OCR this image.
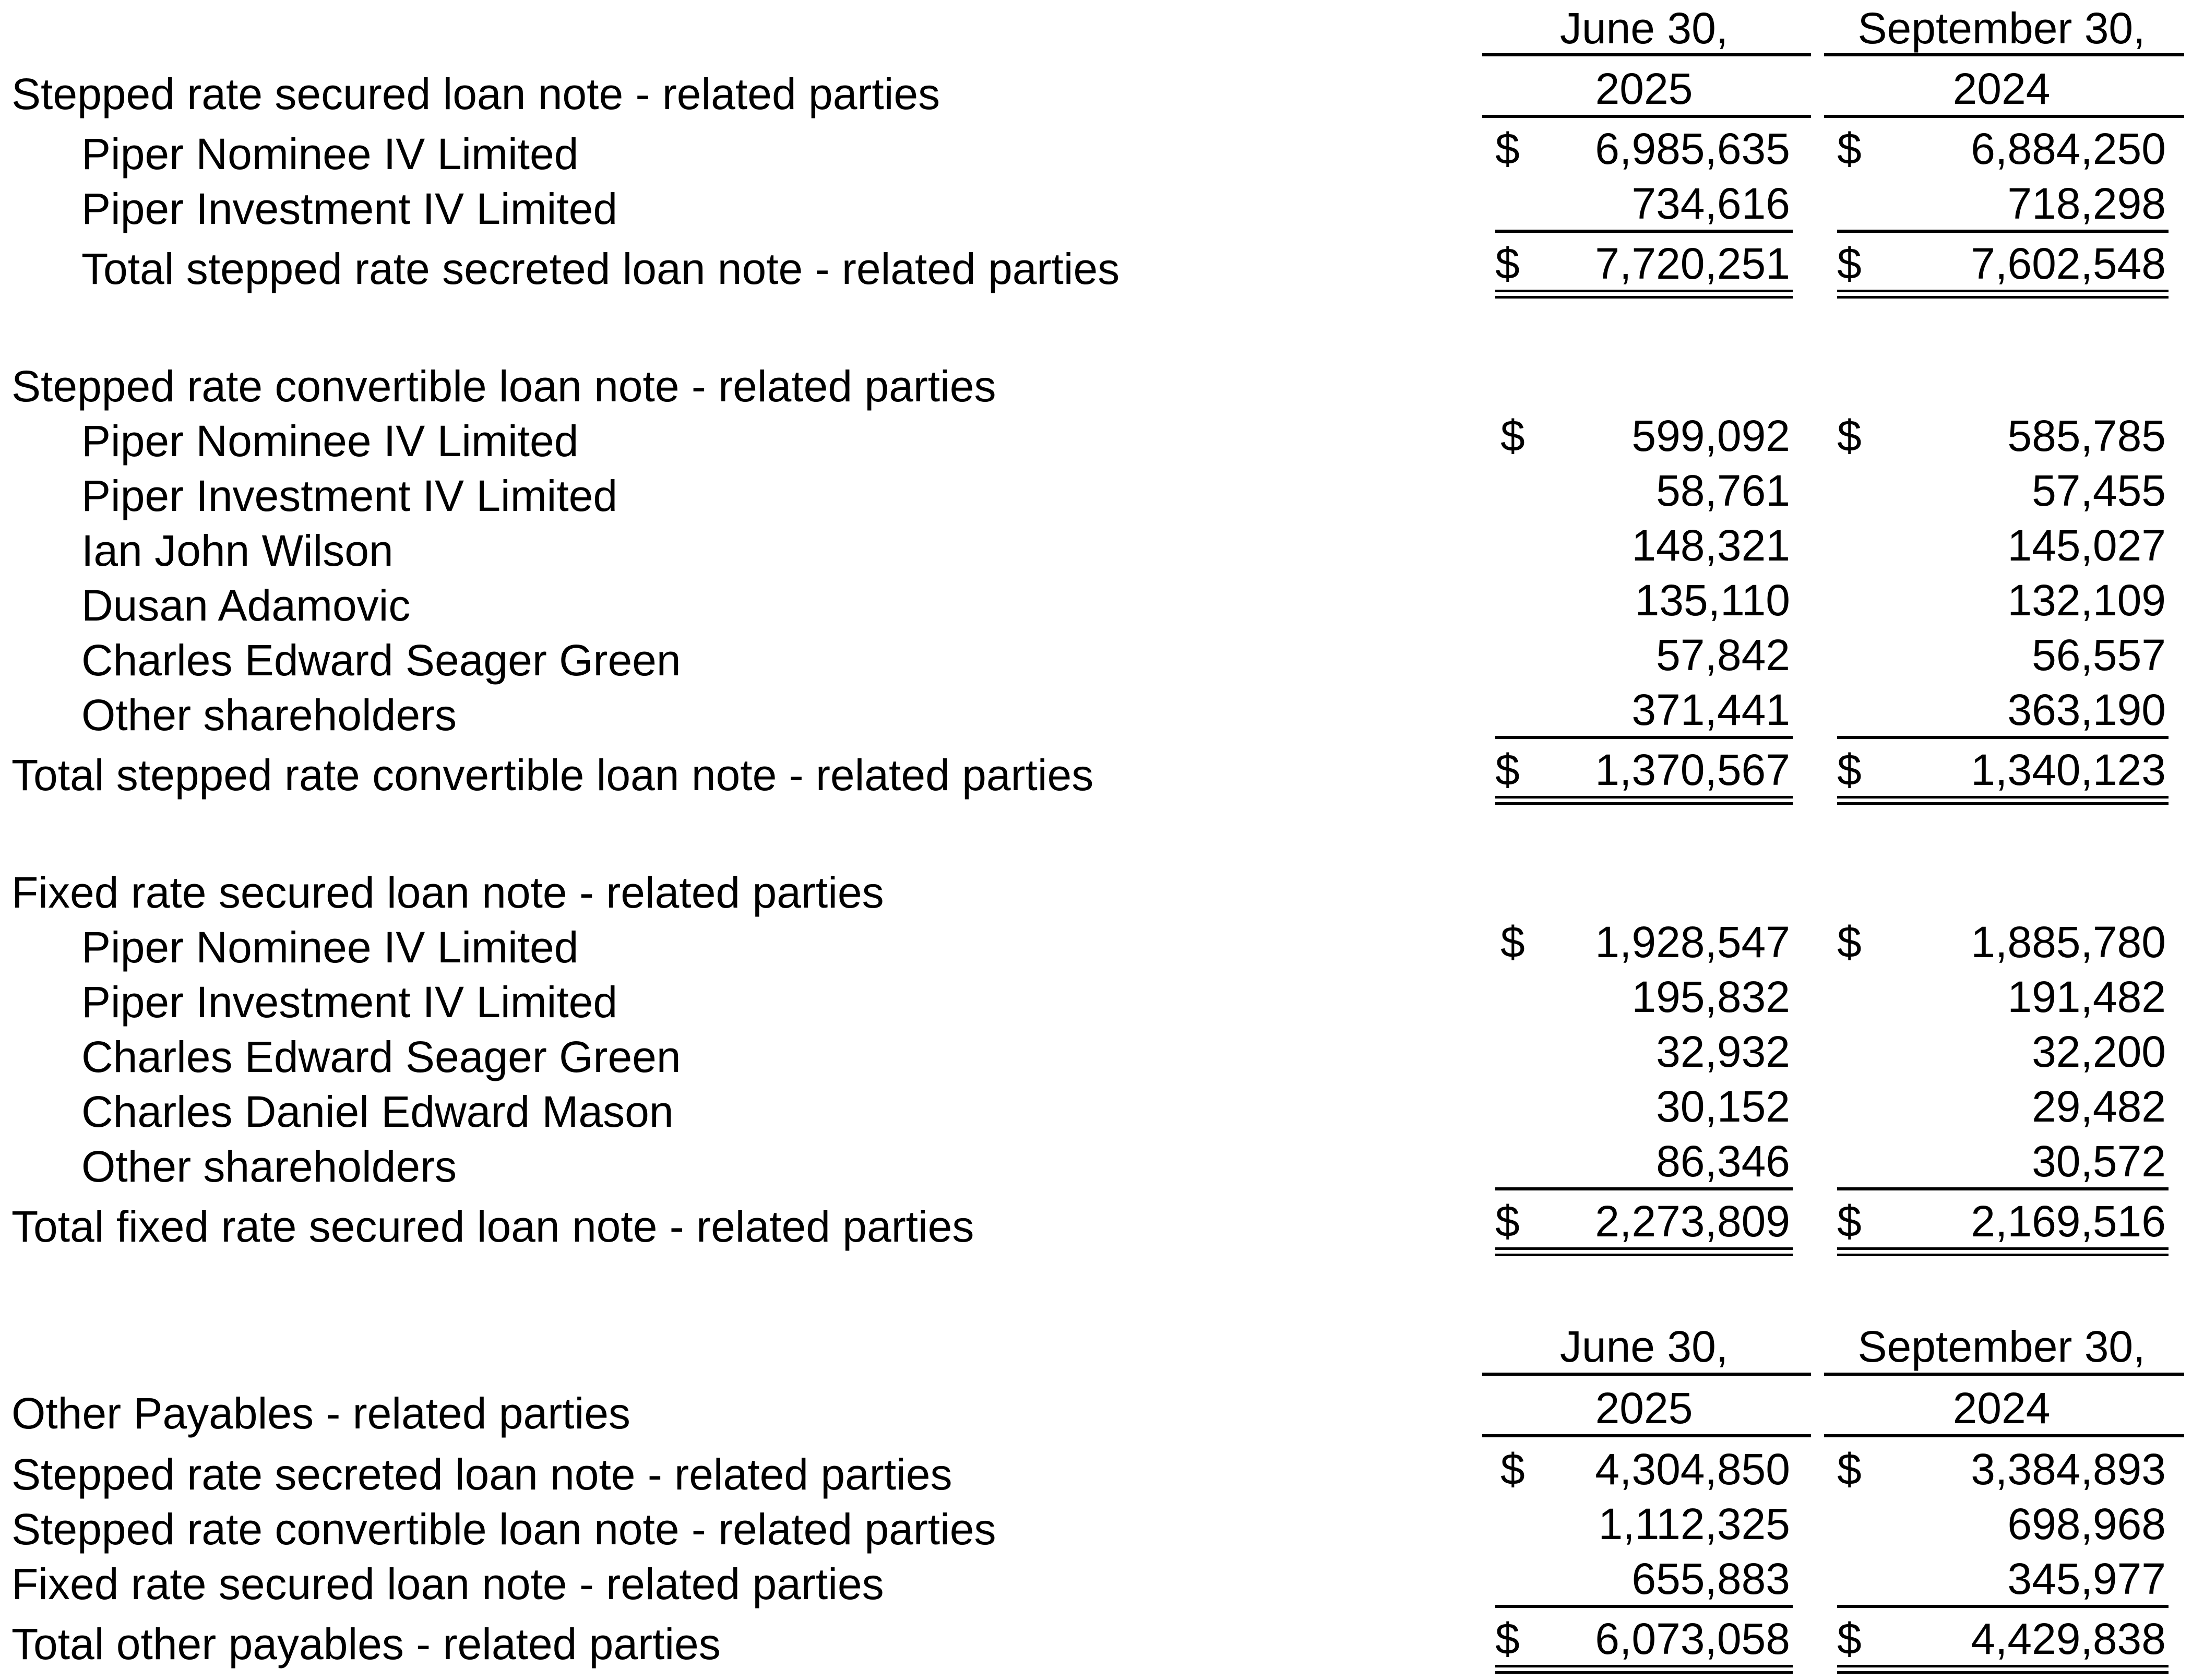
June 30,	September 30,
2025	2024
Stepped rate secured loan note - related parties
Piper Nominee IV Limited	$	6,985,635 $	6,884,250
Piper Investment IV Limited	734,616	718,298
Total stepped rate secreted loan note - related parties	$	7,720,251 $	7,602,548
Stepped rate convertible loan note - related parties
Piper Nominee IV Limited	$	599,092 $	585,785
Piper Investment IV Limited	58,761	57,455
Ian John Wilson	148,321	145,027
Dusan Adamovic	135,110	132,109
Charles Edward Seager Green	57,842	56,557
Other shareholders	371,441	363,190
Total stepped rate convertible loan note - related parties	$	1,370,567 $	1,340,123
Fixed rate secured loan note - related parties
Piper Nominee IV Limited	$	1,928,547 $	1,885,780
Piper Investment IV Limited	195,832	191,482
Charles Edward Seager Green	32,932	32,200
Charles Daniel Edward Mason	30,152	29,482
Other shareholders	86,346	30,572
Total fixed rate secured loan note - related parties	$	2,273,809 $	2,169,516
June 30,	September 30,
2025	2024
Other Payables - related parties
Stepped rate secreted loan note - related parties	$	4,304,850 $	3,384,893
Stepped rate convertible loan note - related parties	1,112,325	698,968
Fixed rate secured loan note - related parties	655,883	345,977
Total other payables - related parties	$	6,073,058 $	4,429,838
